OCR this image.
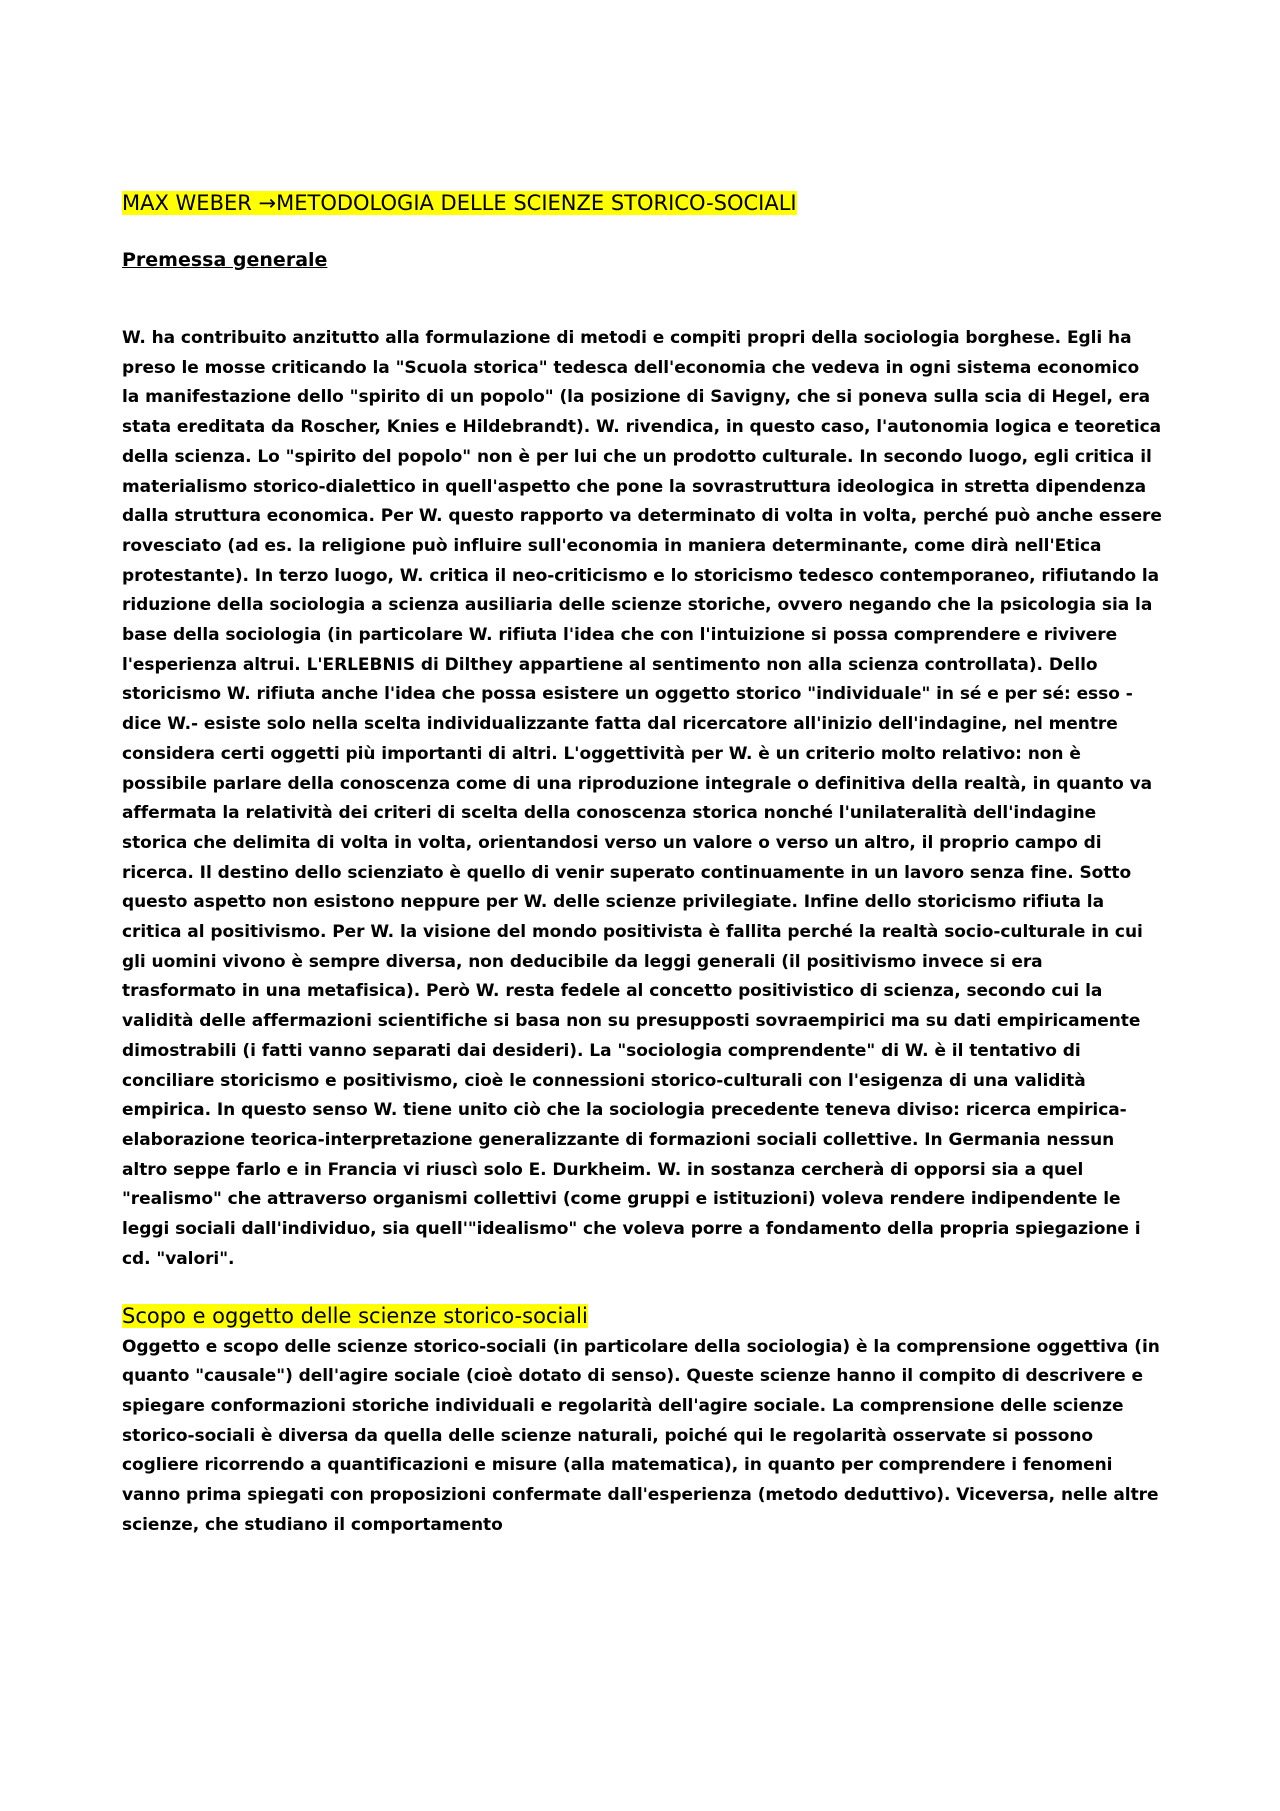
MAX WEBER →METODOLOGIA DELLE SCIENZE STORICO-SOCIALI

Premessa generale

W. ha contribuito anzitutto alla formulazione di metodi e compiti propri della sociologia borghese. Egli ha preso le mosse criticando la "Scuola storica" tedesca dell'economia che vedeva in ogni sistema economico la manifestazione dello "spirito di un popolo" (la posizione di Savigny, che si poneva sulla scia di Hegel, era stata ereditata da Roscher, Knies e Hildebrandt). W. rivendica, in questo caso, l'autonomia logica e teoretica della scienza. Lo "spirito del popolo" non è per lui che un prodotto culturale. In secondo luogo, egli critica il materialismo storico-dialettico in quell'aspetto che pone la sovrastruttura ideologica in stretta dipendenza dalla struttura economica. Per W. questo rapporto va determinato di volta in volta, perché può anche essere rovesciato (ad es. la religione può influire sull'economia in maniera determinante, come dirà nell'Etica protestante). In terzo luogo, W. critica il neo-criticismo e lo storicismo tedesco contemporaneo, rifiutando la riduzione della sociologia a scienza ausiliaria delle scienze storiche, ovvero negando che la psicologia sia la base della sociologia (in particolare W. rifiuta l'idea che con l'intuizione si possa comprendere e rivivere l'esperienza altrui. L'ERLEBNIS di Dilthey appartiene al sentimento non alla scienza controllata). Dello storicismo W. rifiuta anche l'idea che possa esistere un oggetto storico "individuale" in sé e per sé: esso -dice W.- esiste solo nella scelta individualizzante fatta dal ricercatore all'inizio dell'indagine, nel mentre considera certi oggetti più importanti di altri. L'oggettività per W. è un criterio molto relativo: non è possibile parlare della conoscenza come di una riproduzione integrale o definitiva della realtà, in quanto va affermata la relatività dei criteri di scelta della conoscenza storica nonché l'unilateralità dell'indagine storica che delimita di volta in volta, orientandosi verso un valore o verso un altro, il proprio campo di ricerca. Il destino dello scienziato è quello di venir superato continuamente in un lavoro senza fine. Sotto questo aspetto non esistono neppure per W. delle scienze privilegiate. Infine dello storicismo rifiuta la critica al positivismo. Per W. la visione del mondo positivista è fallita perché la realtà socio-culturale in cui gli uomini vivono è sempre diversa, non deducibile da leggi generali (il positivismo invece si era trasformato in una metafisica). Però W. resta fedele al concetto positivistico di scienza, secondo cui la validità delle affermazioni scientifiche si basa non su presupposti sovraempirici ma su dati empiricamente dimostrabili (i fatti vanno separati dai desideri). La "sociologia comprendente" di W. è il tentativo di conciliare storicismo e positivismo, cioè le connessioni storico-culturali con l'esigenza di una validità empirica. In questo senso W. tiene unito ciò che la sociologia precedente teneva diviso: ricerca empirica-elaborazione teorica-interpretazione generalizzante di formazioni sociali collettive. In Germania nessun altro seppe farlo e in Francia vi riuscì solo E. Durkheim. W. in sostanza cercherà di opporsi sia a quel "realismo" che attraverso organismi collettivi (come gruppi e istituzioni) voleva rendere indipendente le leggi sociali dall'individuo, sia quell'"idealismo" che voleva porre a fondamento della propria spiegazione i cd. "valori".

Scopo e oggetto delle scienze storico-sociali

Oggetto e scopo delle scienze storico-sociali (in particolare della sociologia) è la comprensione oggettiva (in quanto "causale") dell'agire sociale (cioè dotato di senso). Queste scienze hanno il compito di descrivere e spiegare conformazioni storiche individuali e regolarità dell'agire sociale. La comprensione delle scienze storico-sociali è diversa da quella delle scienze naturali, poiché qui le regolarità osservate si possono cogliere ricorrendo a quantificazioni e misure (alla matematica), in quanto per comprendere i fenomeni vanno prima spiegati con proposizioni confermate dall'esperienza (metodo deduttivo). Viceversa, nelle altre scienze, che studiano il comportamento
